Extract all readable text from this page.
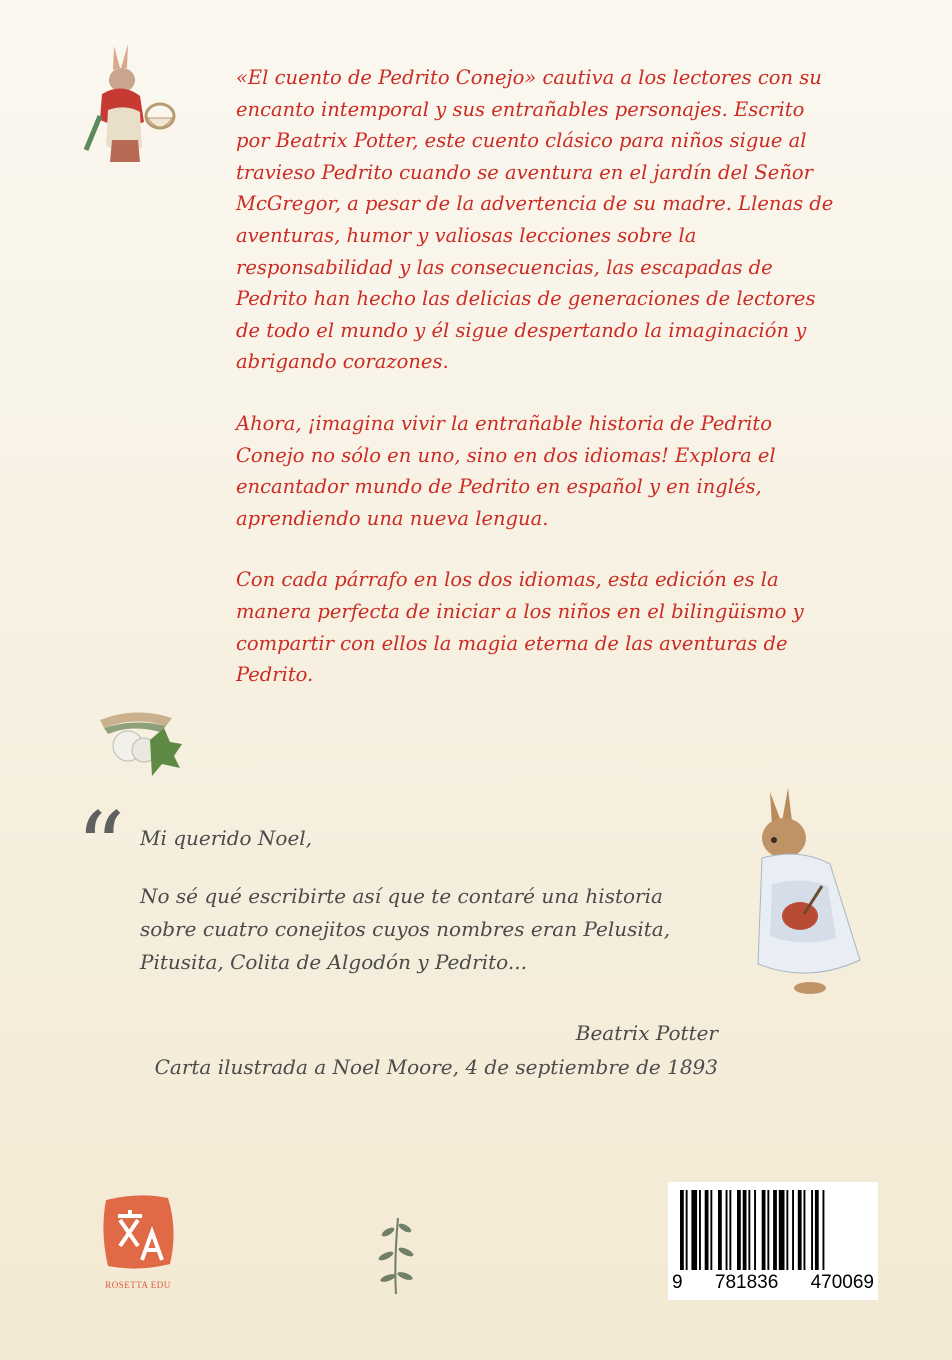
«El cuento de Pedrito Conejo» cautiva a los lectores con su encanto intemporal y sus entrañables personajes. Escrito por Beatrix Potter, este cuento clásico para niños sigue al travieso Pedrito cuando se aventura en el jardín del Señor McGregor, a pesar de la advertencia de su madre. Llenas de aventuras, humor y valiosas lecciones sobre la responsabilidad y las consecuencias, las escapadas de Pedrito han hecho las delicias de generaciones de lectores de todo el mundo y él sigue despertando la imaginación y abrigando corazones.

Ahora, ¡imagina vivir la entrañable historia de Pedrito Conejo no sólo en uno, sino en dos idiomas! Explora el encantador mundo de Pedrito en español y en inglés, aprendiendo una nueva lengua.

Con cada párrafo en los dos idiomas, esta edición es la manera perfecta de iniciar a los niños en el bilingüismo y compartir con ellos la magia eterna de las aventuras de Pedrito.

“ Mi querido Noel,

No sé qué escribirte así que te contaré una historia sobre cuatro conejitos cuyos nombres eran Pelusita, Pitusita, Colita de Algodón y Pedrito...

Beatrix Potter
Carta ilustrada a Noel Moore, 4 de septiembre de 1893
ROSETTA EDU	9 781836 470069
